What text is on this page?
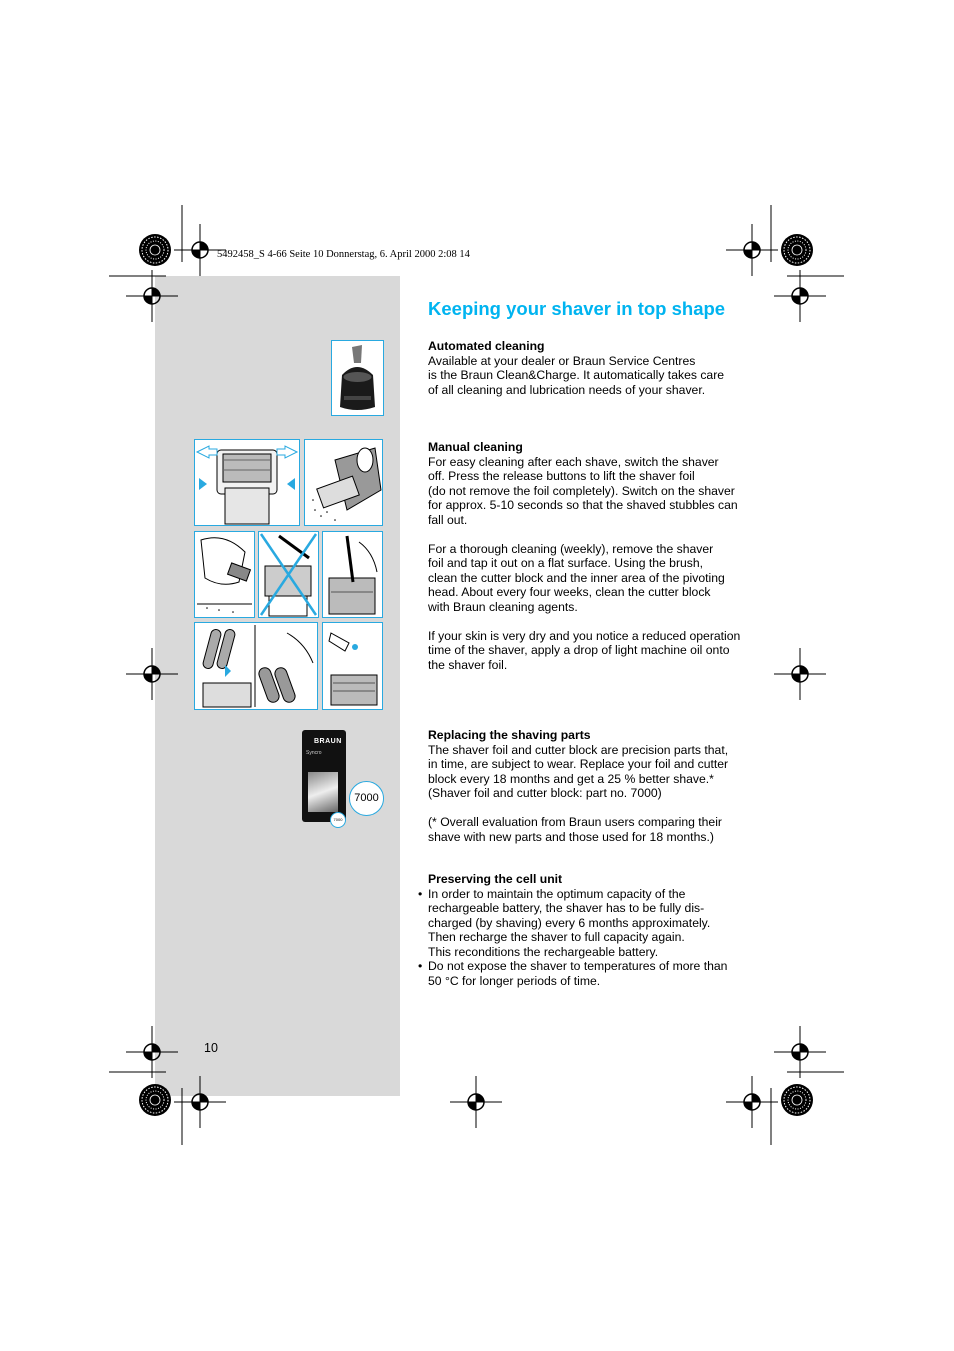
5492458_S 4-66 Seite 10 Donnerstag, 6. April 2000 2:08 14
BRAUN
Syncro
7000
7000
Keeping your shaver in top shape
Automated cleaning

Available at your dealer or Braun Service Centres

is the Braun Clean&Charge. It automatically takes care

of all cleaning and lubrication needs of your shaver.

Manual cleaning

For easy cleaning after each shave, switch the shaver

off. Press the release buttons to lift the shaver foil

(do not remove the foil completely). Switch on the shaver

for approx. 5-10 seconds so that the shaved stubbles can

fall out.

For a thorough cleaning (weekly), remove the shaver

foil and tap it out on a flat surface. Using the brush,

clean the cutter block and the inner area of the pivoting

head. About every four weeks, clean the cutter block

with Braun cleaning agents.

If your skin is very dry and you notice a reduced operation

time of the shaver, apply a drop of light machine oil onto

the shaver foil.

Replacing the shaving parts

The shaver foil and cutter block are precision parts that,

in time, are subject to wear. Replace your foil and cutter

block every 18 months and get a 25 % better shave.*

(Shaver foil and cutter block: part no. 7000)

(* Overall evaluation from Braun users comparing their

shave with new parts and those used for 18 months.)

Preserving the cell unit
• In order to maintain the optimum capacity of the

rechargeable battery, the shaver has to be fully dis-

charged (by shaving) every 6 months approximately.

Then recharge the shaver to full capacity again.

This reconditions the rechargeable battery.

• Do not expose the shaver to temperatures of more than

50 °C for longer periods of time.

10
